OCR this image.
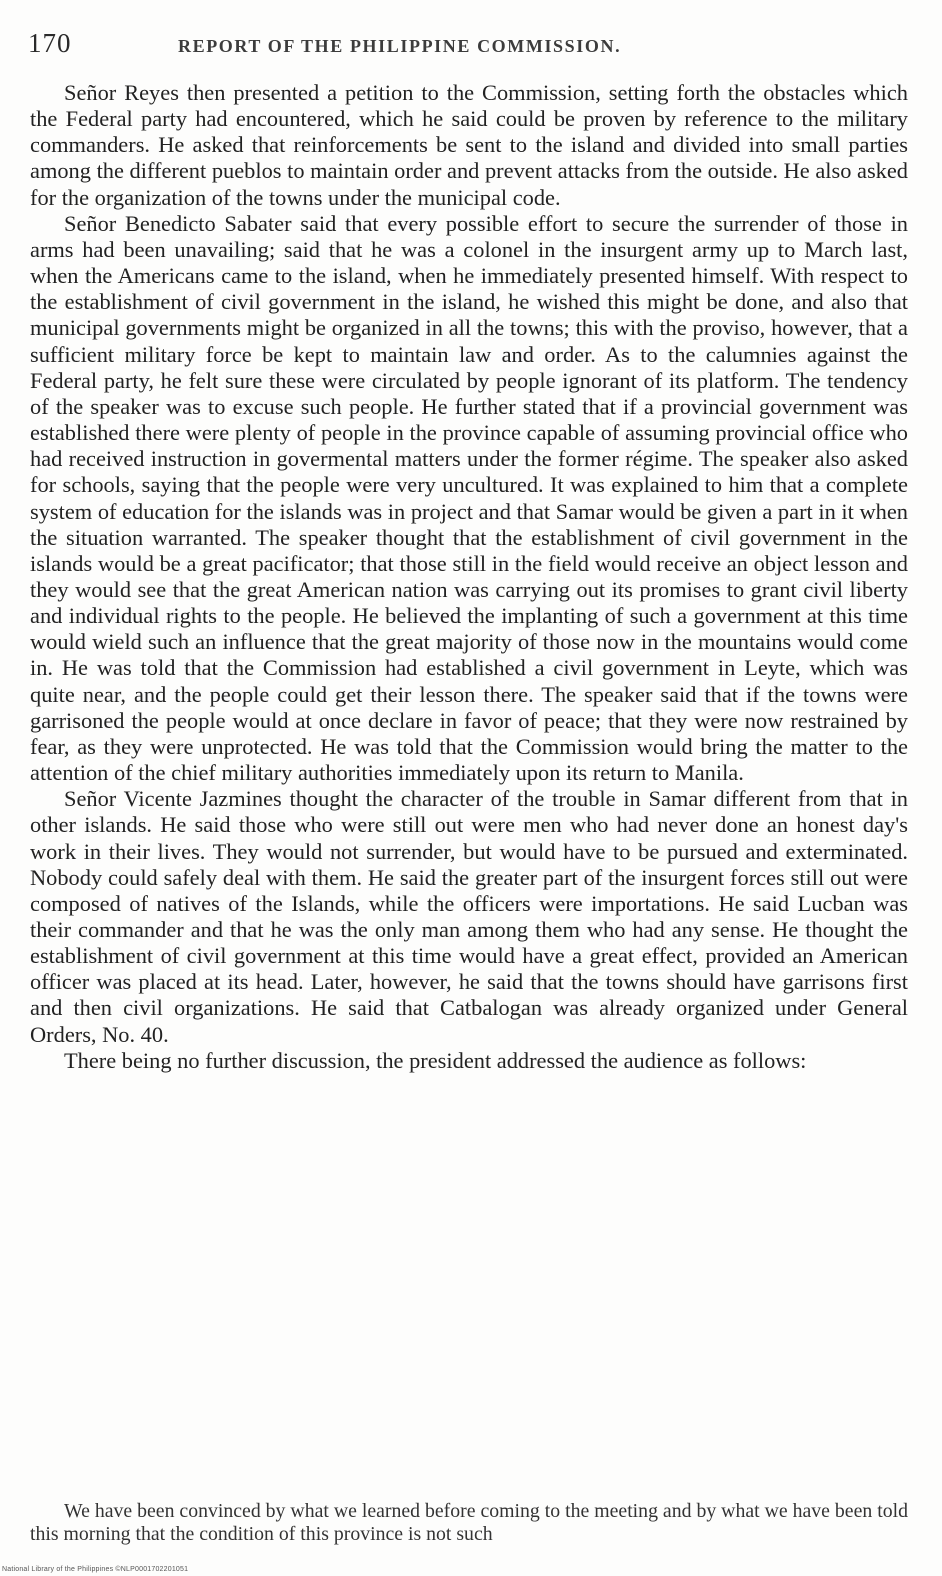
170	REPORT OF THE PHILIPPINE COMMISSION.

Señor Reyes then presented a petition to the Commission, setting forth the obstacles which the Federal party had encountered, which he said could be proven by reference to the military commanders. He asked that reinforcements be sent to the island and divided into small parties among the different pueblos to maintain order and prevent attacks from the outside. He also asked for the organization of the towns under the municipal code.

Señor Benedicto Sabater said that every possible effort to secure the surrender of those in arms had been unavailing; said that he was a colonel in the insurgent army up to March last, when the Americans came to the island, when he immediately presented himself. With respect to the establishment of civil government in the island, he wished this might be done, and also that municipal governments might be organized in all the towns; this with the proviso, however, that a sufficient military force be kept to maintain law and order. As to the calumnies against the Federal party, he felt sure these were circulated by people ignorant of its platform. The tendency of the speaker was to excuse such people. He further stated that if a provincial government was established there were plenty of people in the province capable of assuming provincial office who had received instruction in govermental matters under the former régime. The speaker also asked for schools, saying that the people were very uncultured. It was explained to him that a complete system of education for the islands was in project and that Samar would be given a part in it when the situation warranted. The speaker thought that the establishment of civil government in the islands would be a great pacificator; that those still in the field would receive an object lesson and they would see that the great American nation was carrying out its promises to grant civil liberty and individual rights to the people. He believed the implanting of such a government at this time would wield such an influence that the great majority of those now in the mountains would come in. He was told that the Commission had established a civil government in Leyte, which was quite near, and the people could get their lesson there. The speaker said that if the towns were garrisoned the people would at once declare in favor of peace; that they were now restrained by fear, as they were unprotected. He was told that the Commission would bring the matter to the attention of the chief military authorities immediately upon its return to Manila.

Señor Vicente Jazmines thought the character of the trouble in Samar different from that in other islands. He said those who were still out were men who had never done an honest day's work in their lives. They would not surrender, but would have to be pursued and exterminated. Nobody could safely deal with them. He said the greater part of the insurgent forces still out were composed of natives of the Islands, while the officers were importations. He said Lucban was their commander and that he was the only man among them who had any sense. He thought the establishment of civil government at this time would have a great effect, provided an American officer was placed at its head. Later, however, he said that the towns should have garrisons first and then civil organizations. He said that Catbalogan was already organized under General Orders, No. 40.

There being no further discussion, the president addressed the audience as follows:

We have been convinced by what we learned before coming to the meeting and by what we have been told this morning that the condition of this province is not such

National Library of the Philippines ©NLP0001702201051
